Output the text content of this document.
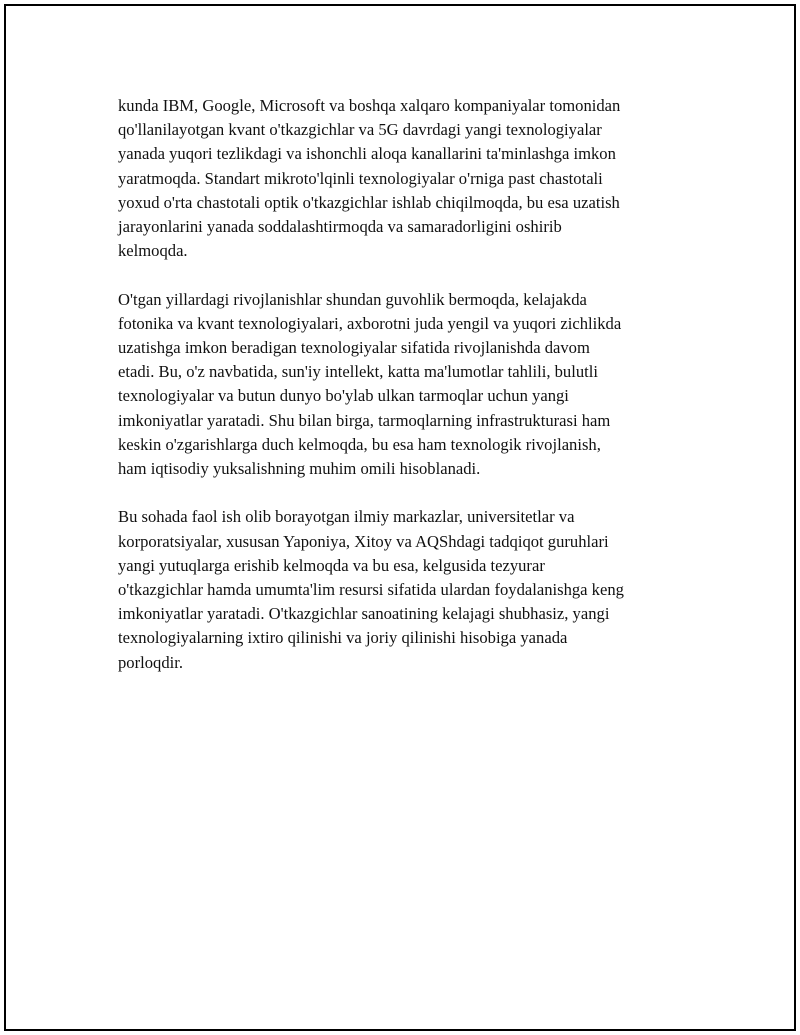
kunda IBM, Google, Microsoft va boshqa xalqaro kompaniyalar tomonidan
qo'llanilayotgan kvant o'tkazgichlar va 5G davrdagi yangi texnologiyalar
yanada yuqori tezlikdagi va ishonchli aloqa kanallarini ta'minlashga imkon
yaratmoqda. Standart mikroto'lqinli texnologiyalar o'rniga past chastotali
yoxud o'rta chastotali optik o'tkazgichlar ishlab chiqilmoqda, bu esa uzatish
jarayonlarini yanada soddalashtirmoqda va samaradorligini oshirib
kelmoqda.

O'tgan yillardagi rivojlanishlar shundan guvohlik bermoqda, kelajakda
fotonika va kvant texnologiyalari, axborotni juda yengil va yuqori zichlikda
uzatishga imkon beradigan texnologiyalar sifatida rivojlanishda davom
etadi. Bu, o'z navbatida, sun'iy intellekt, katta ma'lumotlar tahlili, bulutli
texnologiyalar va butun dunyo bo'ylab ulkan tarmoqlar uchun yangi
imkoniyatlar yaratadi. Shu bilan birga, tarmoqlarning infrastrukturasi ham
keskin o'zgarishlarga duch kelmoqda, bu esa ham texnologik rivojlanish,
ham iqtisodiy yuksalishning muhim omili hisoblanadi.

Bu sohada faol ish olib borayotgan ilmiy markazlar, universitetlar va
korporatsiyalar, xususan Yaponiya, Xitoy va AQShdagi tadqiqot guruhlari
yangi yutuqlarga erishib kelmoqda va bu esa, kelgusida tezyurar
o'tkazgichlar hamda umumta'lim resursi sifatida ulardan foydalanishga keng
imkoniyatlar yaratadi. O'tkazgichlar sanoatining kelajagi shubhasiz, yangi
texnologiyalarning ixtiro qilinishi va joriy qilinishi hisobiga yanada
porloqdir.
